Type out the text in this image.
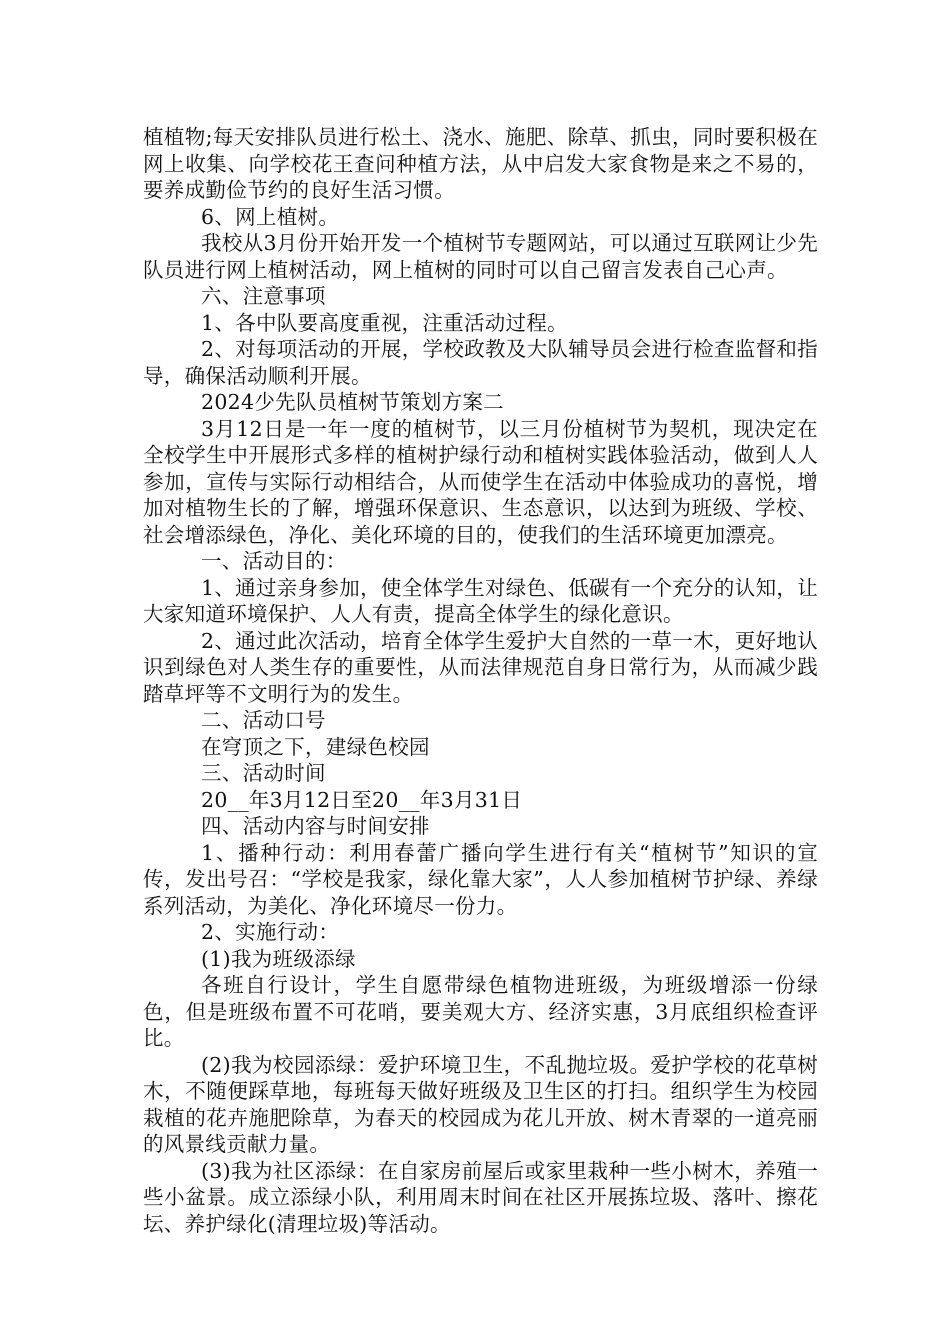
植植物;每天安排队员进行松土、浇水、施肥、除草、抓虫，同时要积极在网上收集、向学校花王查问种植方法，从中启发大家食物是来之不易的，要养成勤俭节约的良好生活习惯。

6、网上植树。

我校从3月份开始开发一个植树节专题网站，可以通过互联网让少先队员进行网上植树活动，网上植树的同时可以自己留言发表自己心声。

六、注意事项

1、各中队要高度重视，注重活动过程。

2、对每项活动的开展，学校政教及大队辅导员会进行检查监督和指导，确保活动顺利开展。

2024少先队员植树节策划方案二

3月12日是一年一度的植树节，以三月份植树节为契机，现决定在全校学生中开展形式多样的植树护绿行动和植树实践体验活动，做到人人参加，宣传与实际行动相结合，从而使学生在活动中体验成功的喜悦，增加对植物生长的了解，增强环保意识、生态意识，以达到为班级、学校、社会增添绿色，净化、美化环境的目的，使我们的生活环境更加漂亮。

一、活动目的：

1、通过亲身参加，使全体学生对绿色、低碳有一个充分的认知，让大家知道环境保护、人人有责，提高全体学生的绿化意识。

2、通过此次活动，培育全体学生爱护大自然的一草一木，更好地认识到绿色对人类生存的重要性，从而法律规范自身日常行为，从而减少践踏草坪等不文明行为的发生。

二、活动口号

在穹顶之下，建绿色校园

三、活动时间

20__年3月12日至20__年3月31日

四、活动内容与时间安排

1、播种行动：利用春蕾广播向学生进行有关“植树节”知识的宣传，发出号召：“学校是我家，绿化靠大家”，人人参加植树节护绿、养绿系列活动，为美化、净化环境尽一份力。

2、实施行动：

(1)我为班级添绿

各班自行设计，学生自愿带绿色植物进班级，为班级增添一份绿色，但是班级布置不可花哨，要美观大方、经济实惠，3月底组织检查评比。

(2)我为校园添绿：爱护环境卫生，不乱抛垃圾。爱护学校的花草树木，不随便踩草地，每班每天做好班级及卫生区的打扫。组织学生为校园栽植的花卉施肥除草，为春天的校园成为花儿开放、树木青翠的一道亮丽的风景线贡献力量。

(3)我为社区添绿：在自家房前屋后或家里栽种一些小树木，养殖一些小盆景。成立添绿小队，利用周末时间在社区开展拣垃圾、落叶、擦花坛、养护绿化(清理垃圾)等活动。
